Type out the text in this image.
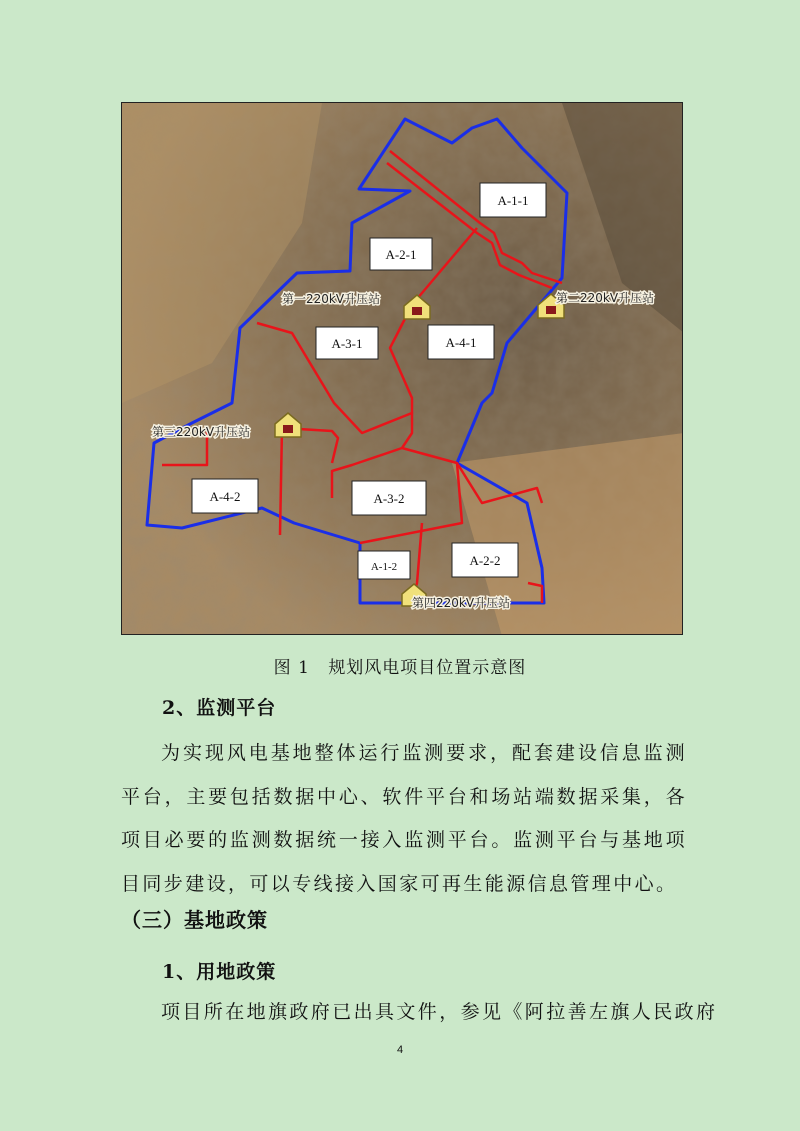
A-1-1
A-2-1
A-3-1	A-4-1
A-4-2	A-3-2
A-1-2	A-2-2
第一220kV升压站	第二220kV升压站
第三220kV升压站
第四220kV升压站
图 1 规划风电项目位置示意图
2、监测平台
为实现风电基地整体运行监测要求，配套建设信息监测平台，主要包括数据中心、软件平台和场站端数据采集，各项目必要的监测数据统一接入监测平台。监测平台与基地项目同步建设，可以专线接入国家可再生能源信息管理中心。
（三）基地政策
1、用地政策
项目所在地旗政府已出具文件，参见《阿拉善左旗人民政府
4
